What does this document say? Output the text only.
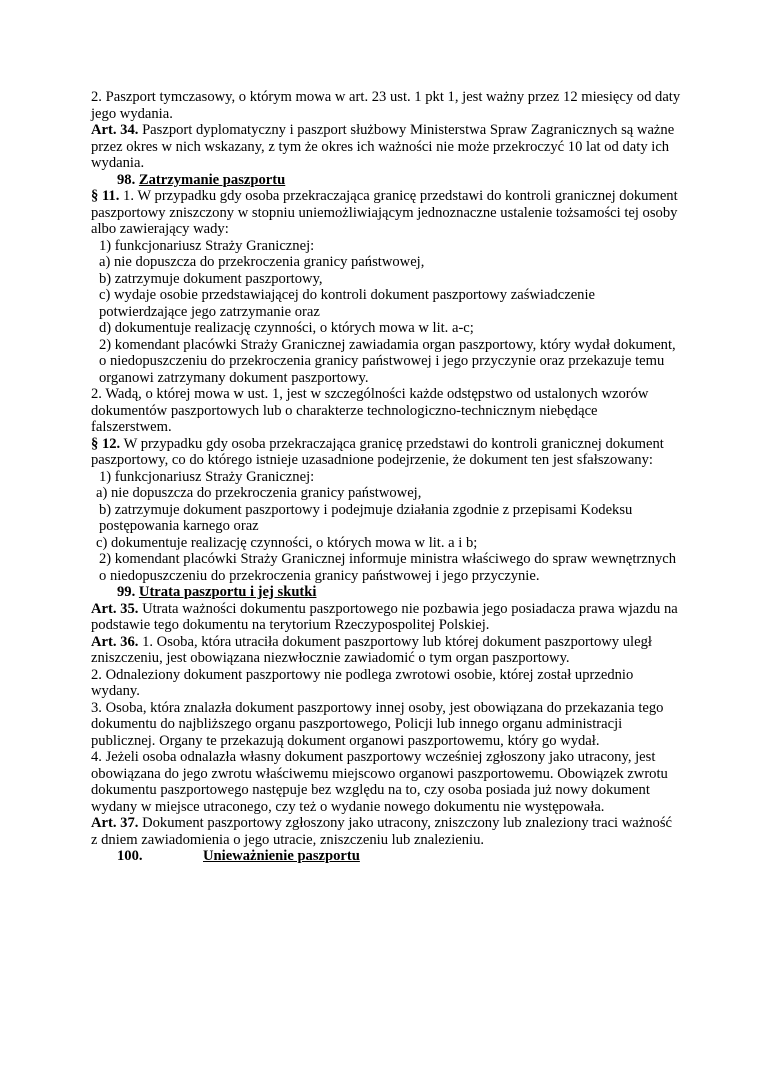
2. Paszport tymczasowy, o którym mowa w art. 23 ust. 1 pkt 1, jest ważny przez 12 miesięcy od daty jego wydania.

Art. 34. Paszport dyplomatyczny i paszport służbowy Ministerstwa Spraw Zagranicznych są ważne przez okres w nich wskazany, z tym że okres ich ważności nie może przekroczyć 10 lat od daty ich wydania.

98. Zatrzymanie paszportu

§ 11. 1. W przypadku gdy osoba przekraczająca granicę przedstawi do kontroli granicznej dokument paszportowy zniszczony w stopniu uniemożliwiającym jednoznaczne ustalenie tożsamości tej osoby albo zawierający wady:

1) funkcjonariusz Straży Granicznej:

a) nie dopuszcza do przekroczenia granicy państwowej,

b) zatrzymuje dokument paszportowy,

c) wydaje osobie przedstawiającej do kontroli dokument paszportowy zaświadczenie potwierdzające jego zatrzymanie oraz

d) dokumentuje realizację czynności, o których mowa w lit. a-c;

2) komendant placówki Straży Granicznej zawiadamia organ paszportowy, który wydał dokument, o niedopuszczeniu do przekroczenia granicy państwowej i jego przyczynie oraz przekazuje temu organowi zatrzymany dokument paszportowy.

2. Wadą, o której mowa w ust. 1, jest w szczególności każde odstępstwo od ustalonych wzorów dokumentów paszportowych lub o charakterze technologiczno-technicznym niebędące falszerstwem.

§ 12. W przypadku gdy osoba przekraczająca granicę przedstawi do kontroli granicznej dokument paszportowy, co do którego istnieje uzasadnione podejrzenie, że dokument ten jest sfałszowany:

1) funkcjonariusz Straży Granicznej:

a) nie dopuszcza do przekroczenia granicy państwowej,

b) zatrzymuje dokument paszportowy i podejmuje działania zgodnie z przepisami Kodeksu postępowania karnego oraz

c) dokumentuje realizację czynności, o których mowa w lit. a i b;

2) komendant placówki Straży Granicznej informuje ministra właściwego do spraw wewnętrznych o niedopuszczeniu do przekroczenia granicy państwowej i jego przyczynie.

99. Utrata paszportu i jej skutki

Art. 35. Utrata ważności dokumentu paszportowego nie pozbawia jego posiadacza prawa wjazdu na podstawie tego dokumentu na terytorium Rzeczypospolitej Polskiej.

Art. 36. 1. Osoba, która utraciła dokument paszportowy lub której dokument paszportowy uległ zniszczeniu, jest obowiązana niezwłocznie zawiadomić o tym organ paszportowy.

2. Odnaleziony dokument paszportowy nie podlega zwrotowi osobie, której został uprzednio wydany.

3. Osoba, która znalazła dokument paszportowy innej osoby, jest obowiązana do przekazania tego dokumentu do najbliższego organu paszportowego, Policji lub innego organu administracji publicznej. Organy te przekazują dokument organowi paszportowemu, który go wydał.

4. Jeżeli osoba odnalazła własny dokument paszportowy wcześniej zgłoszony jako utracony, jest obowiązana do jego zwrotu właściwemu miejscowo organowi paszportowemu. Obowiązek zwrotu dokumentu paszportowego następuje bez względu na to, czy osoba posiada już nowy dokument wydany w miejsce utraconego, czy też o wydanie nowego dokumentu nie występowała.

Art. 37. Dokument paszportowy zgłoszony jako utracony, zniszczony lub znaleziony traci ważność z dniem zawiadomienia o jego utracie, zniszczeniu lub znalezieniu.

100.	Unieważnienie paszportu
